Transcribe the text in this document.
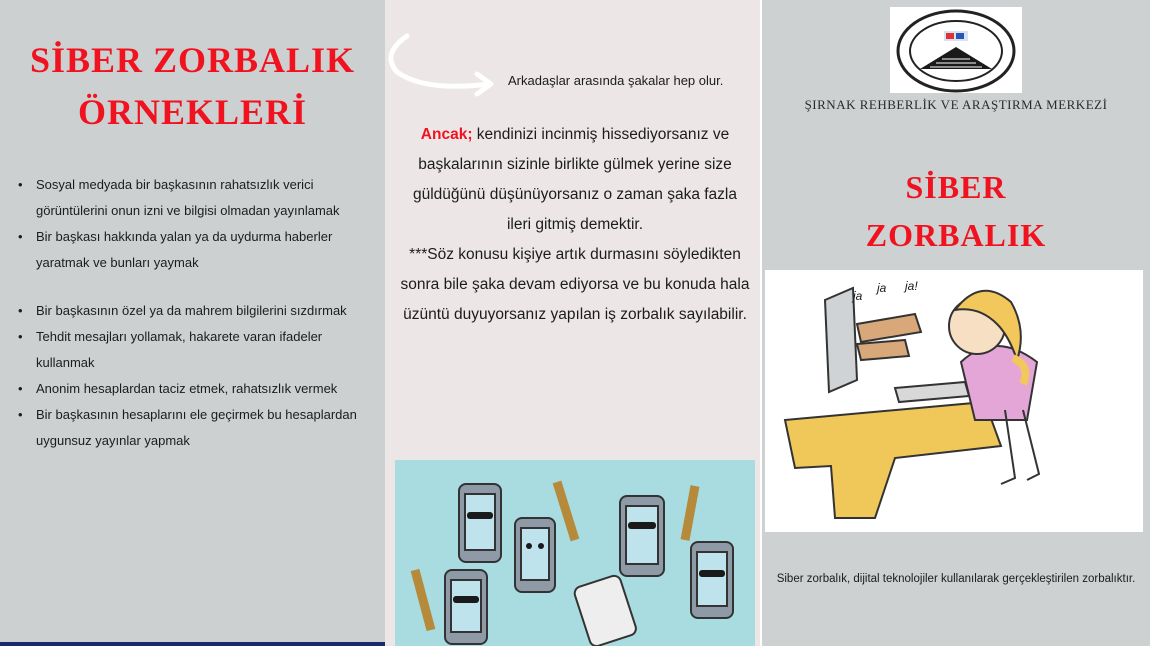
SİBER ZORBALIK
ÖRNEKLERİ
• Sosyal medyada bir başkasının rahatsızlık verici görüntülerini onun izni ve bilgisi olmadan yayınlamak
• Bir başkası hakkında yalan ya da uydurma haberler yaratmak ve bunları yaymak
• Bir başkasının özel ya da mahrem bilgilerini sızdırmak
• Tehdit mesajları yollamak, hakarete varan ifadeler kullanmak
• Anonim hesaplardan taciz etmek, rahatsızlık vermek
• Bir başkasının hesaplarını ele geçirmek bu hesaplardan uygunsuz yayınlar yapmak
Arkadaşlar arasında şakalar hep olur.
Ancak; kendinizi incinmiş hissediyorsanız ve başkalarının sizinle birlikte gülmek yerine size güldüğünü düşünüyorsanız o zaman şaka fazla ileri gitmiş demektir.
***Söz konusu kişiye artık durmasını söyledikten sonra bile şaka devam ediyorsa ve bu konuda hala üzüntü duyuyorsanız yapılan iş zorbalık sayılabilir.
ŞIRNAK REHBERLİK VE ARAŞTIRMA MERKEZİ
SİBER
ZORBALIK
ja
ja ja!
Siber zorbalık, dijital teknolojiler kullanılarak gerçekleştirilen zorbalıktır.
